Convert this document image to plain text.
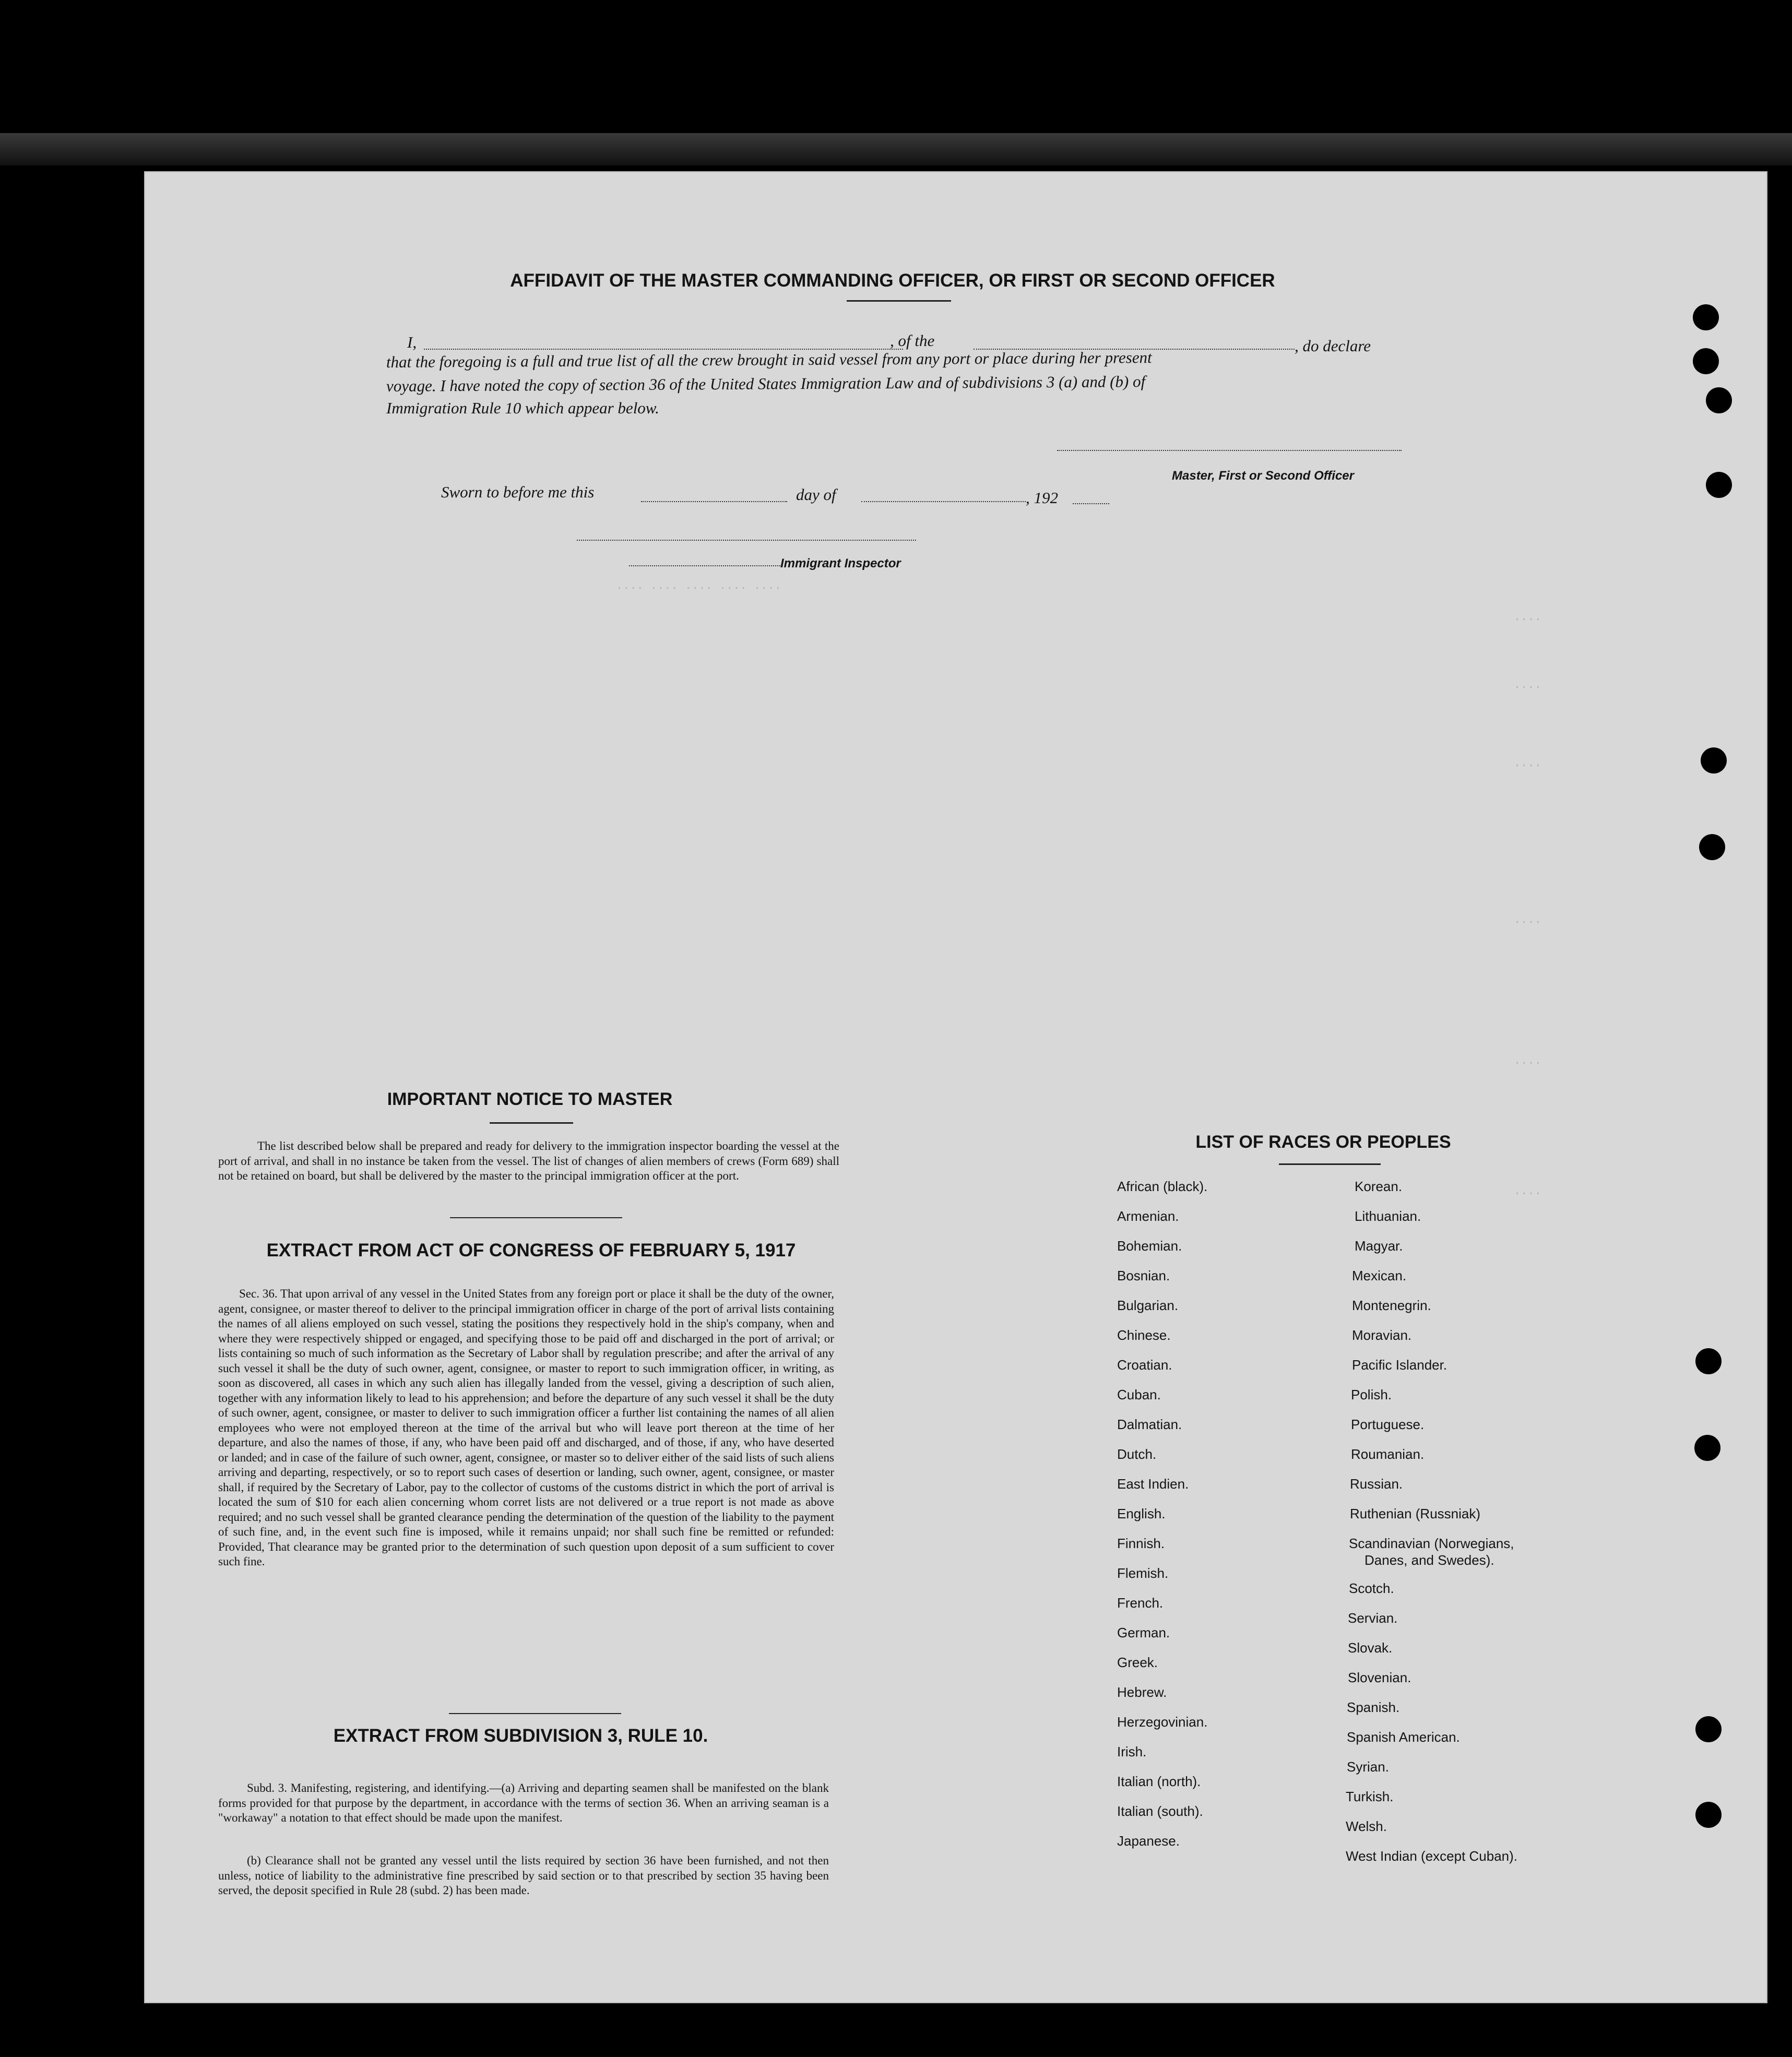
.... .... .... .... ....
....
....
....
....
....
....
AFFIDAVIT OF THE MASTER COMMANDING OFFICER, OR FIRST OR SECOND OFFICER
I,	, of the	, do declare
that the foregoing is a full and true list of all the crew brought in said vessel from any port or place during her present
voyage. I have noted the copy of section 36 of the United States Immigration Law and of subdivisions 3 (a) and (b) of
Immigration Rule 10 which appear below.
Master, First or Second Officer
Sworn to before me this	day of	, 192
Immigrant Inspector
IMPORTANT NOTICE TO MASTER
The list described below shall be prepared and ready for delivery to the immigration inspector boarding the vessel at the port of arrival, and shall in no instance be taken from the vessel. The list of changes of alien members of crews (Form 689) shall not be retained on board, but shall be delivered by the master to the principal immigration officer at the port.
EXTRACT FROM ACT OF CONGRESS OF FEBRUARY 5, 1917
Sec. 36. That upon arrival of any vessel in the United States from any foreign port or place it shall be the duty of the owner, agent, consignee, or master thereof to deliver to the principal immigration officer in charge of the port of arrival lists containing the names of all aliens employed on such vessel, stating the positions they respectively hold in the ship's company, when and where they were respectively shipped or engaged, and specifying those to be paid off and discharged in the port of arrival; or lists containing so much of such information as the Secretary of Labor shall by regulation prescribe; and after the arrival of any such vessel it shall be the duty of such owner, agent, consignee, or master to report to such immigration officer, in writing, as soon as discovered, all cases in which any such alien has illegally landed from the vessel, giving a description of such alien, together with any information likely to lead to his apprehension; and before the departure of any such vessel it shall be the duty of such owner, agent, consignee, or master to deliver to such immigration officer a further list containing the names of all alien employees who were not employed thereon at the time of the arrival but who will leave port thereon at the time of her departure, and also the names of those, if any, who have been paid off and discharged, and of those, if any, who have deserted or landed; and in case of the failure of such owner, agent, consignee, or master so to deliver either of the said lists of such aliens arriving and departing, respectively, or so to report such cases of desertion or landing, such owner, agent, consignee, or master shall, if required by the Secretary of Labor, pay to the collector of customs of the customs district in which the port of arrival is located the sum of $10 for each alien concerning whom corret lists are not delivered or a true report is not made as above required; and no such vessel shall be granted clearance pending the determination of the question of the liability to the payment of such fine, and, in the event such fine is imposed, while it remains unpaid; nor shall such fine be remitted or refunded: Provided, That clearance may be granted prior to the determination of such question upon deposit of a sum sufficient to cover such fine.
EXTRACT FROM SUBDIVISION 3, RULE 10.
Subd. 3. Manifesting, registering, and identifying.—(a) Arriving and departing seamen shall be manifested on the blank forms provided for that purpose by the department, in accordance with the terms of section 36. When an arriving seaman is a "workaway" a notation to that effect should be made upon the manifest.
(b) Clearance shall not be granted any vessel until the lists required by section 36 have been furnished, and not then unless, notice of liability to the administrative fine prescribed by said section or to that prescribed by section 35 having been served, the deposit specified in Rule 28 (subd. 2) has been made.
LIST OF RACES OR PEOPLES
African (black).
Armenian.
Bohemian.
Bosnian.
Bulgarian.
Chinese.
Croatian.
Cuban.
Dalmatian.
Dutch.
East Indien.
English.
Finnish.
Flemish.
French.
German.
Greek.
Hebrew.
Herzegovinian.
Irish.
Italian (north).
Italian (south).
Japanese.
Korean.
Lithuanian.
Magyar.
Mexican.
Montenegrin.
Moravian.
Pacific Islander.
Polish.
Portuguese.
Roumanian.
Russian.
Ruthenian (Russniak)
Scandinavian (Norwegians,
Danes, and Swedes).
Scotch.
Servian.
Slovak.
Slovenian.
Spanish.
Spanish American.
Syrian.
Turkish.
Welsh.
West Indian (except Cuban).
